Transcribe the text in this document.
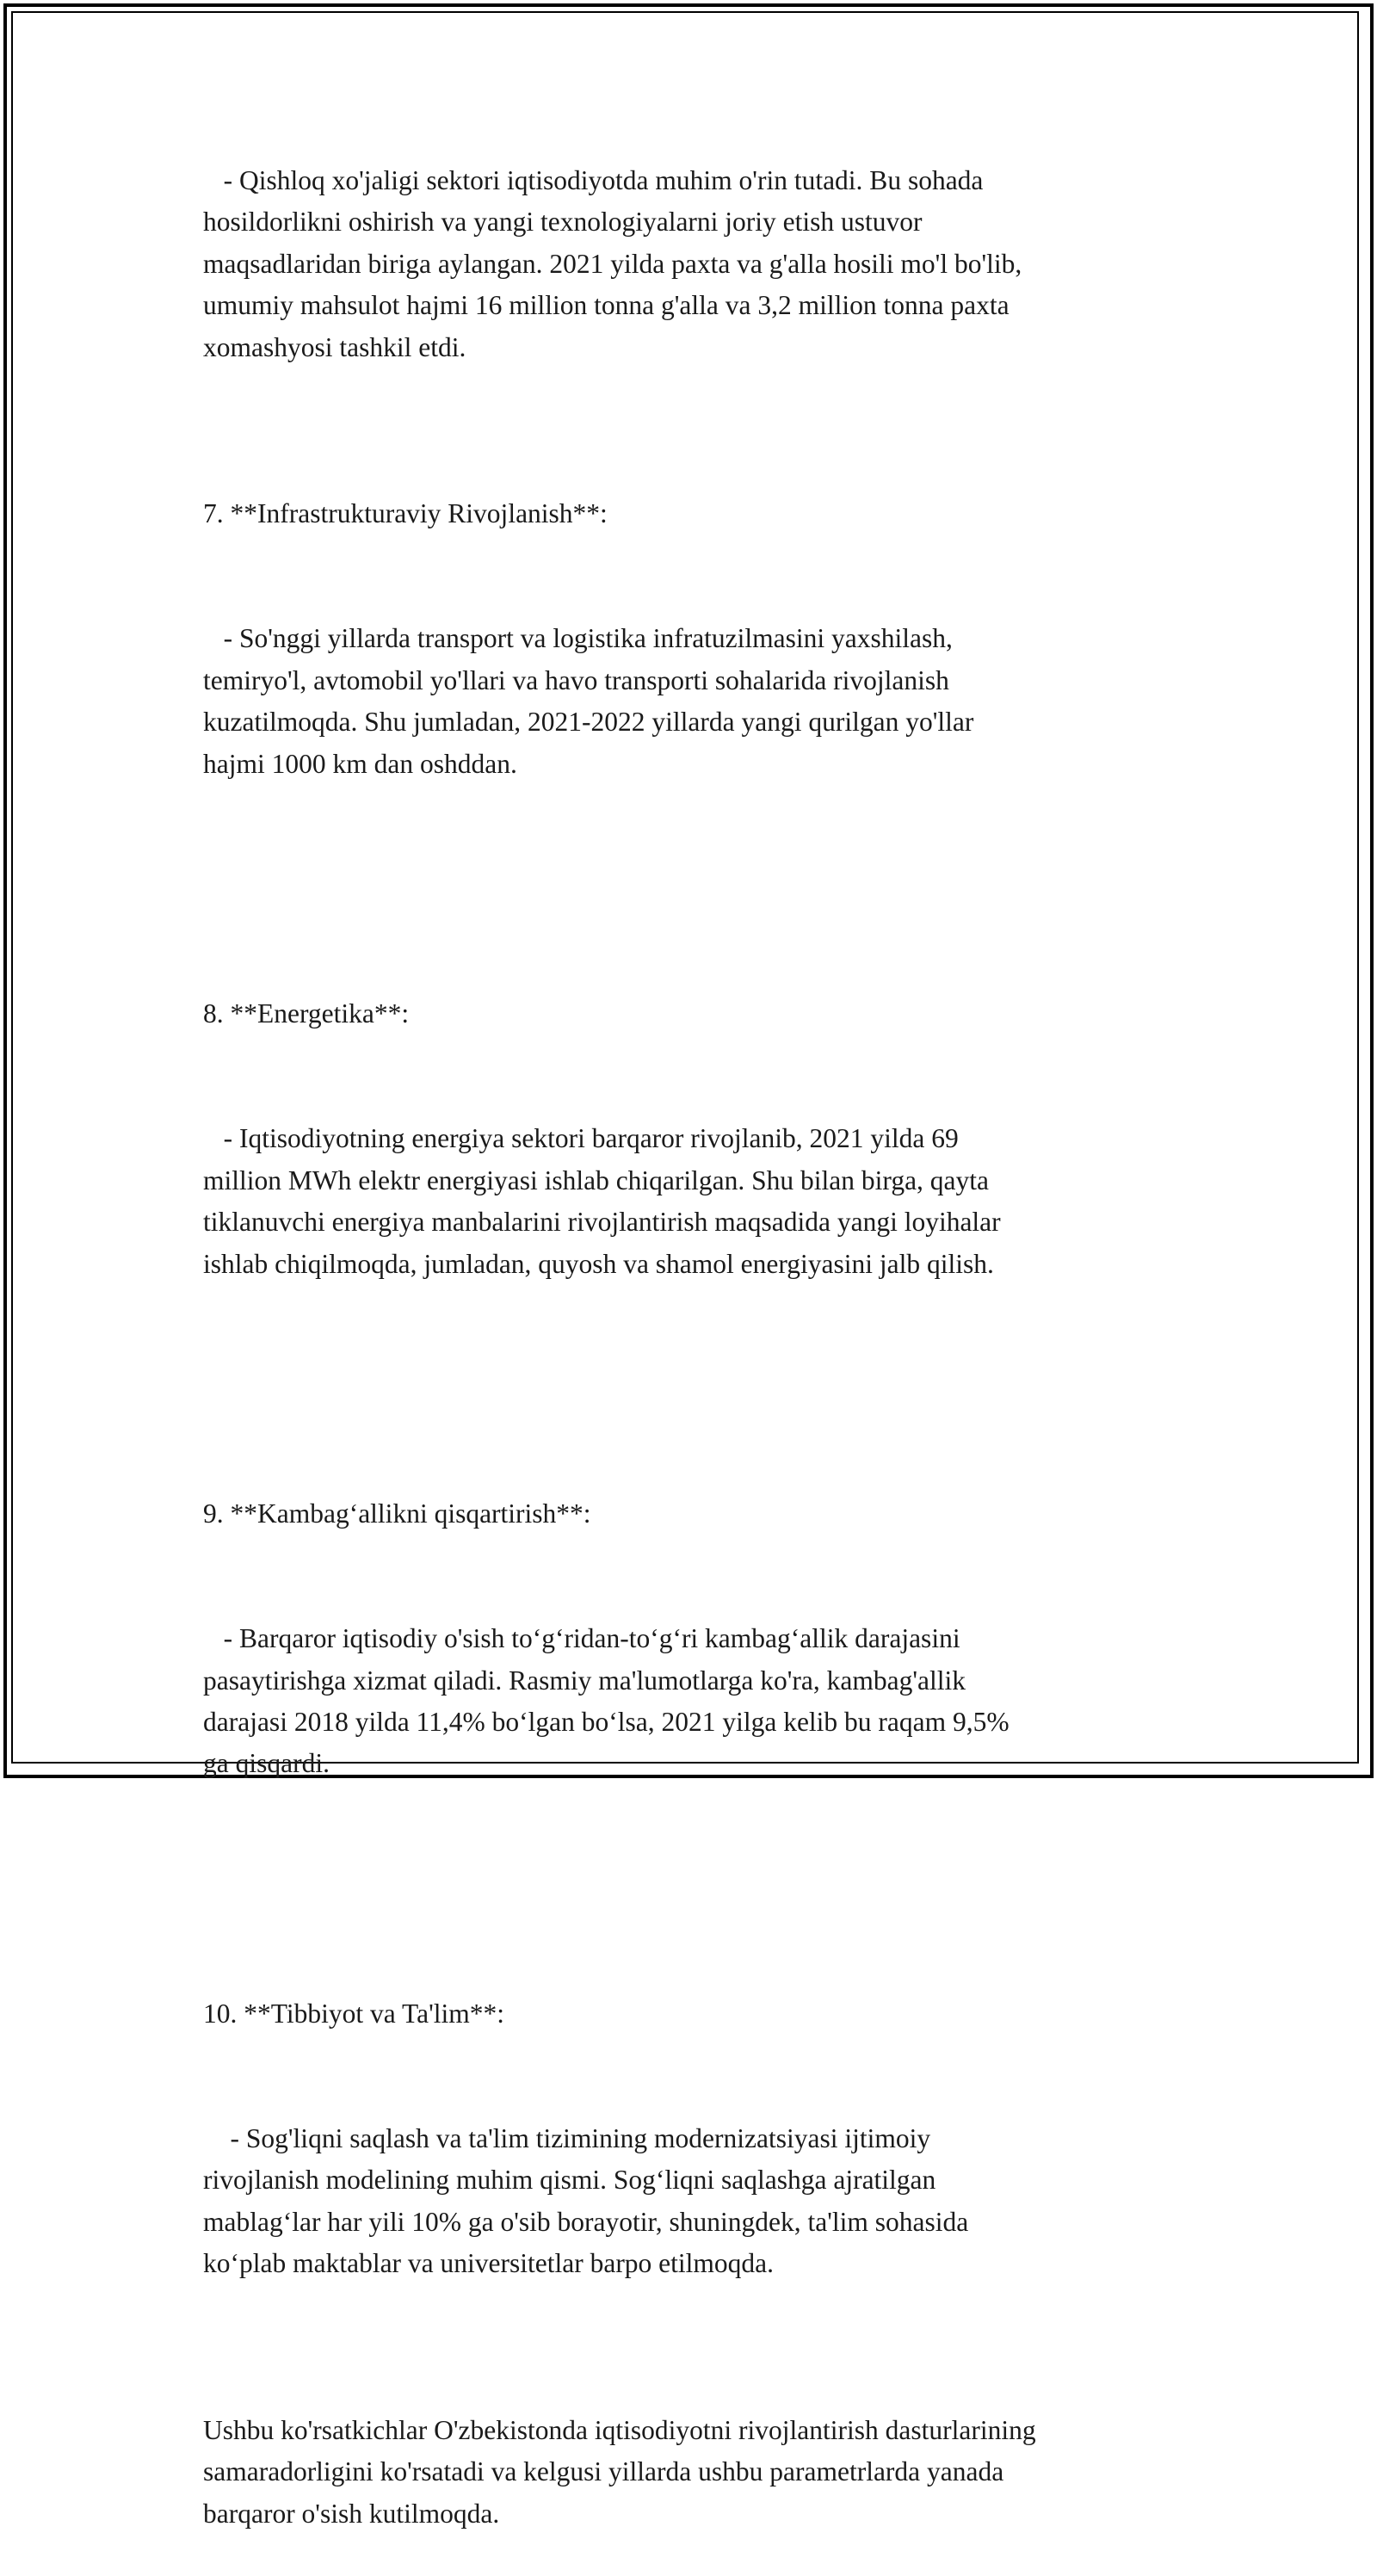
- Qishloq xo'jaligi sektori iqtisodiyotda muhim o'rin tutadi. Bu sohada
hosildorlikni oshirish va yangi texnologiyalarni joriy etish ustuvor
maqsadlaridan biriga aylangan. 2021 yilda paxta va g'alla hosili mo'l bo'lib,
umumiy mahsulot hajmi 16 million tonna g'alla va 3,2 million tonna paxta
xomashyosi tashkil etdi.

7. **Infrastrukturaviy Rivojlanish**:

- So'nggi yillarda transport va logistika infratuzilmasini yaxshilash,
temiryo'l, avtomobil yo'llari va havo transporti sohalarida rivojlanish
kuzatilmoqda. Shu jumladan, 2021-2022 yillarda yangi qurilgan yo'llar
hajmi 1000 km dan oshddan.

8. **Energetika**:

- Iqtisodiyotning energiya sektori barqaror rivojlanib, 2021 yilda 69
million MWh elektr energiyasi ishlab chiqarilgan. Shu bilan birga, qayta
tiklanuvchi energiya manbalarini rivojlantirish maqsadida yangi loyihalar
ishlab chiqilmoqda, jumladan, quyosh va shamol energiyasini jalb qilish.

9. **Kambag‘allikni qisqartirish**:

- Barqaror iqtisodiy o'sish to‘g‘ridan-to‘g‘ri kambag‘allik darajasini
pasaytirishga xizmat qiladi. Rasmiy ma'lumotlarga ko'ra, kambag'allik
darajasi 2018 yilda 11,4% bo‘lgan bo‘lsa, 2021 yilga kelib bu raqam 9,5%
ga qisqardi.

10. **Tibbiyot va Ta'lim**:

- Sog'liqni saqlash va ta'lim tizimining modernizatsiyasi ijtimoiy
rivojlanish modelining muhim qismi. Sog‘liqni saqlashga ajratilgan
mablag‘lar har yili 10% ga o'sib borayotir, shuningdek, ta'lim sohasida
ko‘plab maktablar va universitetlar barpo etilmoqda.

Ushbu ko'rsatkichlar O'zbekistonda iqtisodiyotni rivojlantirish dasturlarining
samaradorligini ko'rsatadi va kelgusi yillarda ushbu parametrlarda yanada
barqaror o'sish kutilmoqda.
